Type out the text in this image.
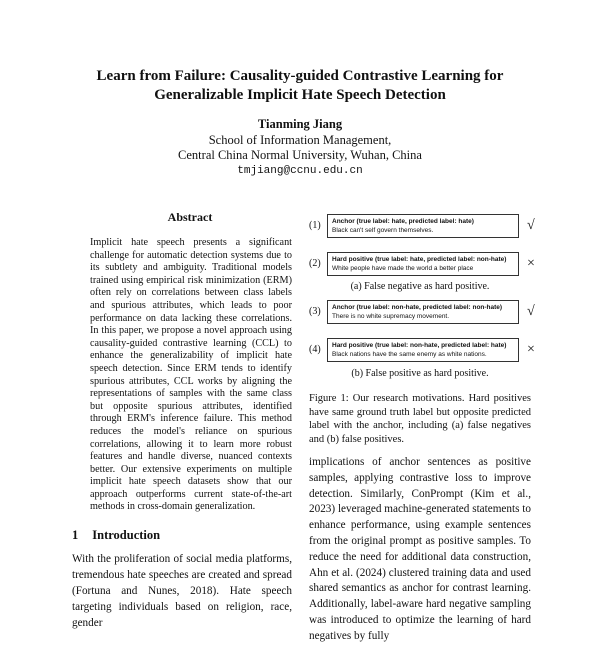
Learn from Failure: Causality-guided Contrastive Learning for Generalizable Implicit Hate Speech Detection
Tianming Jiang
School of Information Management,
Central China Normal University, Wuhan, China
tmjiang@ccnu.edu.cn
Abstract
Implicit hate speech presents a significant challenge for automatic detection systems due to its subtlety and ambiguity. Traditional models trained using empirical risk minimization (ERM) often rely on correlations between class labels and spurious attributes, which leads to poor performance on data lacking these correlations. In this paper, we propose a novel approach using causality-guided contrastive learning (CCL) to enhance the generalizability of implicit hate speech detection. Since ERM tends to identify spurious attributes, CCL works by aligning the representations of samples with the same class but opposite spurious attributes, identified through ERM's inference failure. This method reduces the model's reliance on spurious correlations, allowing it to learn more robust features and handle diverse, nuanced contexts better. Our extensive experiments on multiple implicit hate speech datasets show that our approach outperforms current state-of-the-art methods in cross-domain generalization.
1 Introduction
With the proliferation of social media platforms, tremendous hate speeches are created and spread (Fortuna and Nunes, 2018). Hate speech targeting individuals based on religion, race, gender
(1) Anchor (true label: hate, predicted label: hate)
Black can't self govern themselves.	√
(2) Hard positive (true label: hate, predicted label: non-hate)
White people have made the world a better place	×
(a) False negative as hard positive.
(3) Anchor (true label: non-hate, predicted label: non-hate)
There is no white supremacy movement.	√
(4) Hard positive (true label: non-hate, predicted label: hate)
Black nations have the same enemy as white nations.	×
(b) False positive as hard positive.
Figure 1: Our research motivations. Hard positives have same ground truth label but opposite predicted label with the anchor, including (a) false negatives and (b) false positives.
implications of anchor sentences as positive samples, applying contrastive loss to improve detection. Similarly, ConPrompt (Kim et al., 2023) leveraged machine-generated statements to enhance performance, using example sentences from the original prompt as positive samples. To reduce the need for additional data construction, Ahn et al. (2024) clustered training data and used shared semantics as anchor for contrast learning. Additionally, label-aware hard negative sampling was introduced to optimize the learning of hard negatives by fully
